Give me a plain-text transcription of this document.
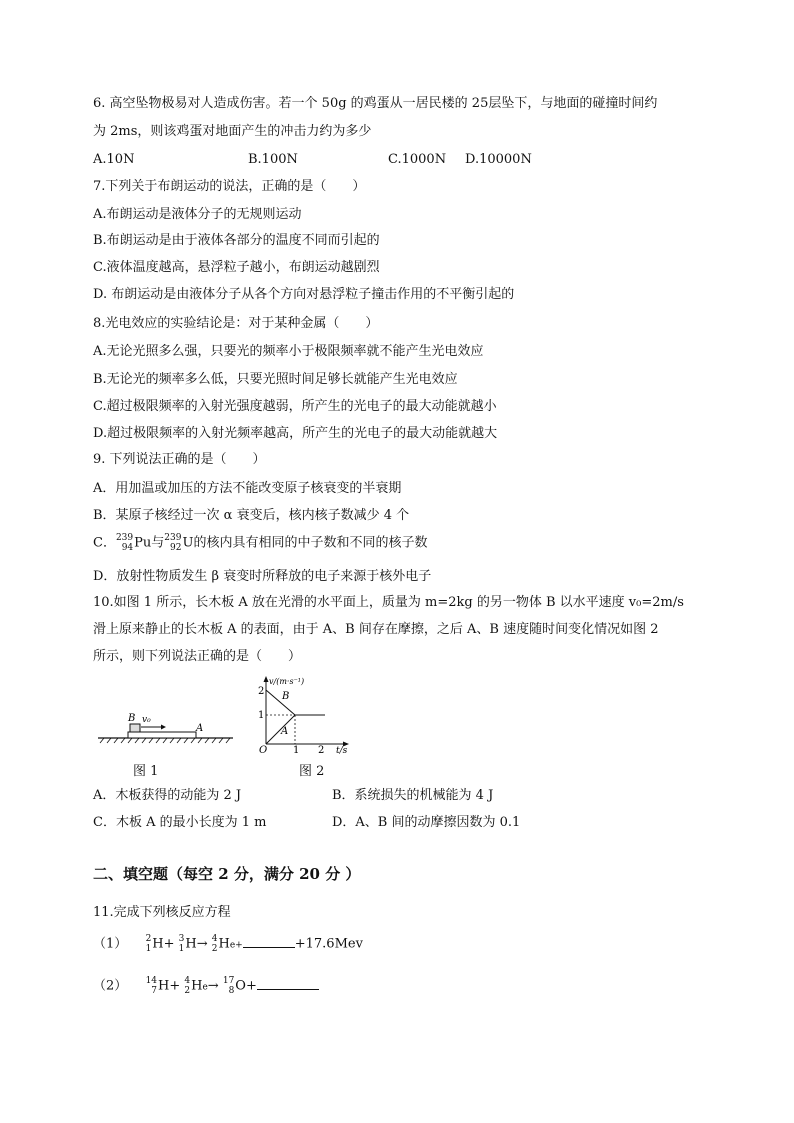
6. 高空坠物极易对人造成伤害。若一个 50g 的鸡蛋从一居民楼的 25层坠下，与地面的碰撞时间约
为 2ms，则该鸡蛋对地面产生的冲击力约为多少
A.10N	B.100N	C.1000N D.10000N
7.下列关于布朗运动的说法，正确的是（　　）
A.布朗运动是液体分子的无规则运动
B.布朗运动是由于液体各部分的温度不同而引起的
C.液体温度越高，悬浮粒子越小，布朗运动越剧烈
D. 布朗运动是由液体分子从各个方向对悬浮粒子撞击作用的不平衡引起的
8.光电效应的实验结论是：对于某种金属（　　）
A.无论光照多么强，只要光的频率小于极限频率就不能产生光电效应
B.无论光的频率多么低，只要光照时间足够长就能产生光电效应
C.超过极限频率的入射光强度越弱，所产生的光电子的最大动能就越小
D.超过极限频率的入射光频率越高，所产生的光电子的最大动能就越大
9. 下列说法正确的是（　　）
A．用加温或加压的方法不能改变原子核衰变的半衰期
B．某原子核经过一次 α 衰变后，核内核子数减少 4 个
C． 239
94 Pu与 239
92 U的核内具有相同的中子数和不同的核子数
D．放射性物质发生 β 衰变时所释放的电子来源于核外电子
10.如图 1 所示，长木板 A 放在光滑的水平面上，质量为 m=2kg 的另一物体 B 以水平速度 v₀=2m/s
滑上原来静止的长木板 A 的表面，由于 A、B 间存在摩擦，之后 A、B 速度随时间变化情况如图 2
所示，则下列说法正确的是（　　）
B v₀
A
图 1
v/(m·s⁻¹)
t/s
O
2
1
1 2
B
A
图 2
A．木板获得的动能为 2 J	B．系统损失的机械能为 4 J
C．木板 A 的最小长度为 1 m	D．A、B 间的动摩擦因数为 0.1
二、填空题（每空 2 分，满分 20 分 ）
11.完成下列核反应方程
（1） 2
1 H+ 3
1 H→ 4
2 He+	+17.6Mev
（2） 14
7 H+ 4
2 He→ 17
8 O+
